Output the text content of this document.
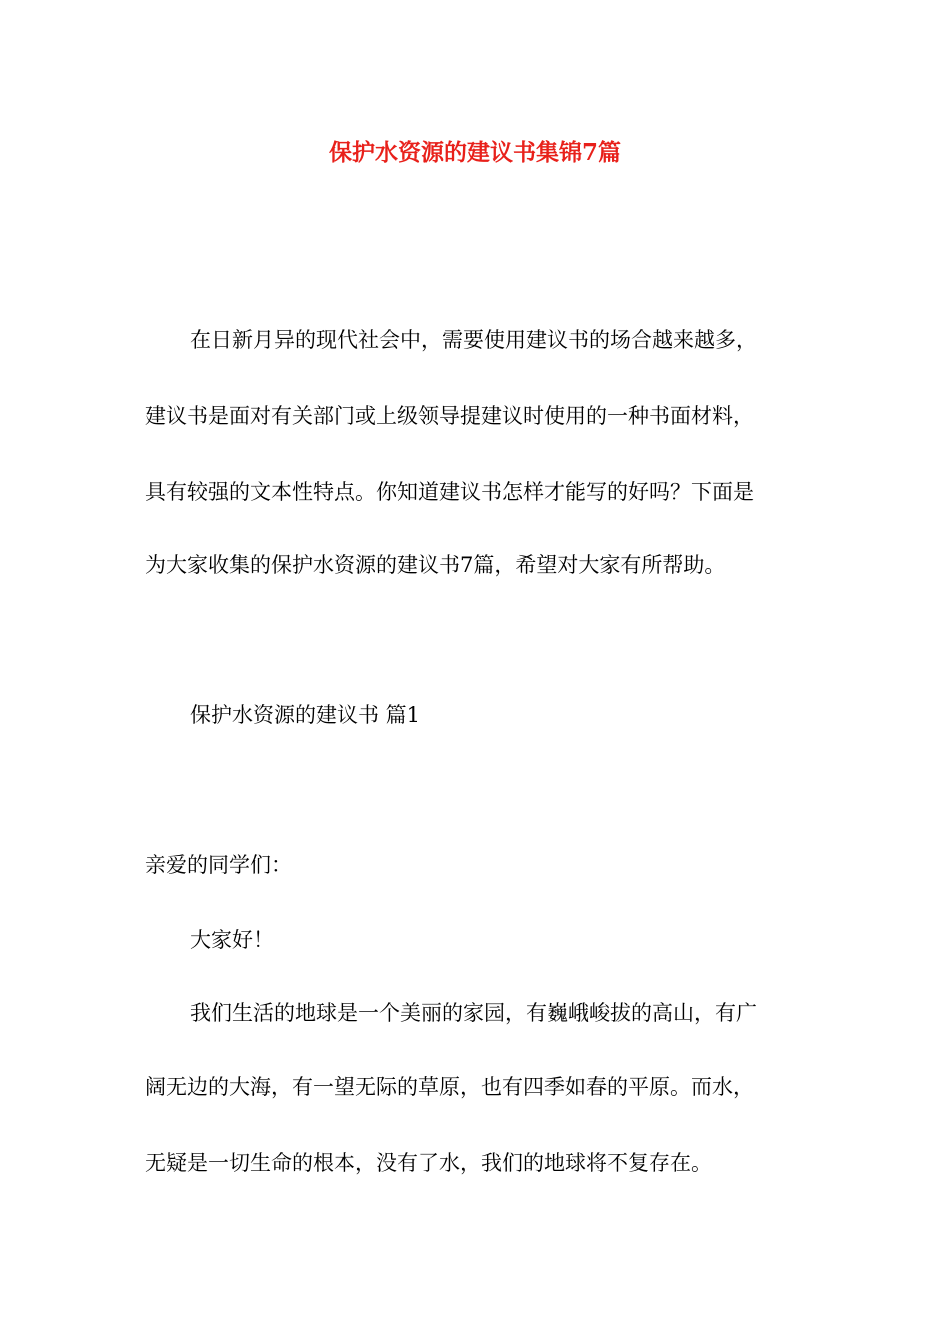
保护水资源的建议书集锦7篇
在日新月异的现代社会中，需要使用建议书的场合越来越多，
建议书是面对有关部门或上级领导提建议时使用的一种书面材料，
具有较强的文本性特点。你知道建议书怎样才能写的好吗？下面是
为大家收集的保护水资源的建议书7篇，希望对大家有所帮助。
保护水资源的建议书 篇1
亲爱的同学们：
大家好！
我们生活的地球是一个美丽的家园，有巍峨峻拔的高山，有广
阔无边的大海，有一望无际的草原，也有四季如春的平原。而水，
无疑是一切生命的根本，没有了水，我们的地球将不复存在。
